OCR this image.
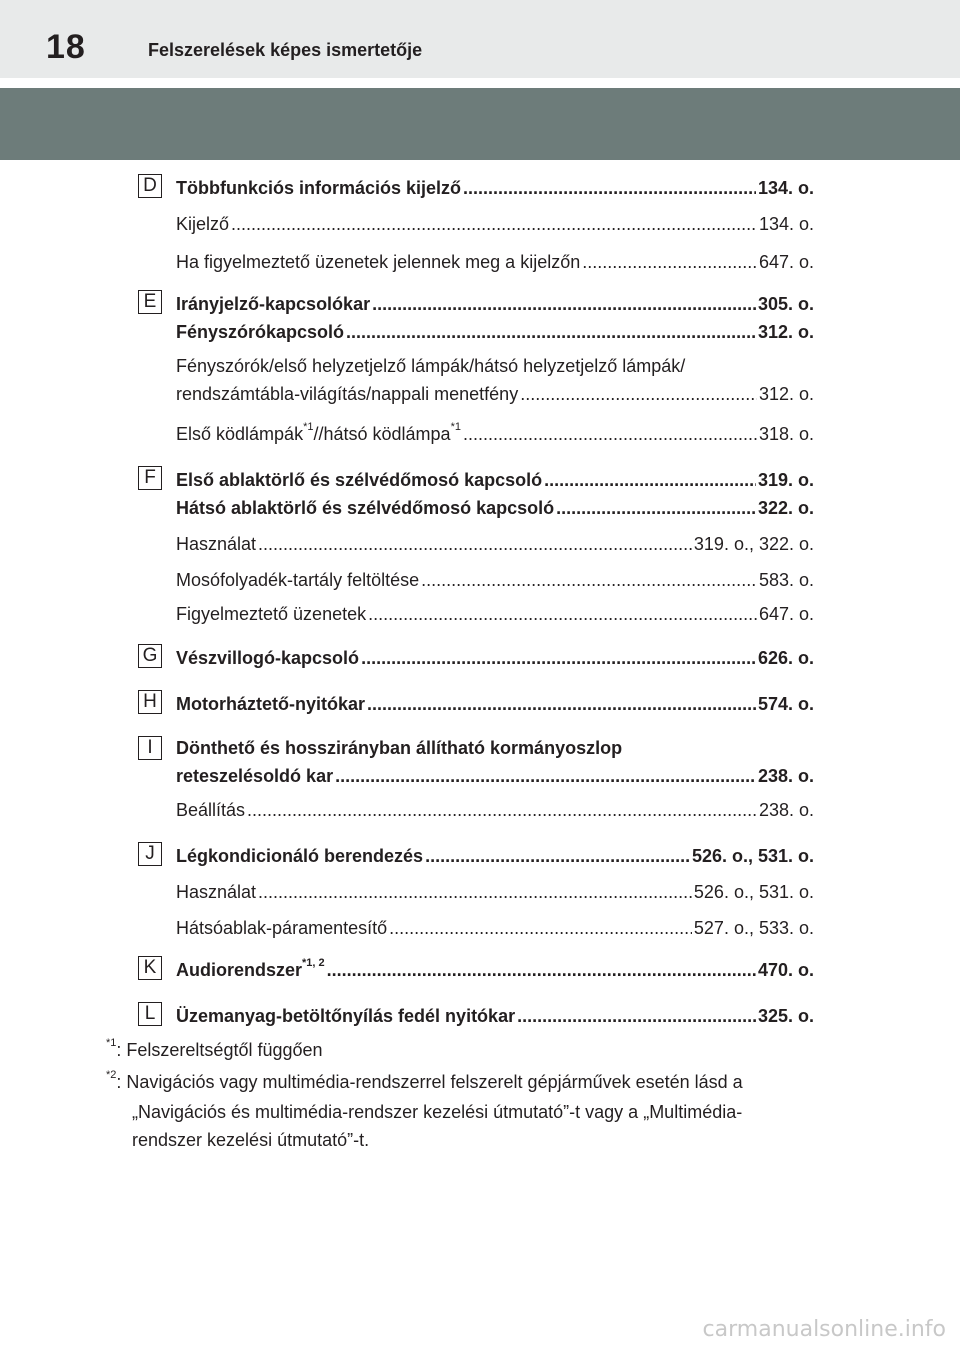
18	Felszerelések képes ismertetője
D Többfunkciós információs kijelző .....	134. o.
Kijelző .....	134. o.
Ha figyelmeztető üzenetek jelennek meg a kijelzőn .....	647. o.
E	Irányjelző-kapcsolókar .....	305. o.
Fényszórókapcsoló .....	312. o.
Fényszórók/első helyzetjelző lámpák/hátsó helyzetjelző lámpák/
rendszámtábla-világítás/nappali menetfény .....	312. o.
Első ködlámpák$^{*1}$//hátsó ködlámpa$^{*1}$ .....	318. o.
F	Első ablaktörlő és szélvédőmosó kapcsoló .....	319. o.
Hátsó ablaktörlő és szélvédőmosó kapcsoló .....	322. o.
Használat .....	319. o., 322. o.
Mosófolyadék-tartály feltöltése .....	583. o.
Figyelmeztető üzenetek .....	647. o.
G Vészvillogó-kapcsoló .....	626. o.
H Motorháztető-nyitókar .....	574. o.
I	Dönthető és hosszirányban állítható kormányoszlop
reteszelésoldó kar .....	238. o.
Beállítás .....	238. o.
J	Légkondicionáló berendezés .....	526. o., 531. o.
Használat .....	526. o., 531. o.
Hátsóablak-páramentesítő .....	527. o., 533. o.
K	Audiorendszer$^{*1, 2}$ .....	470. o.
L	Üzemanyag-betöltőnyílás fedél nyitókar .....	325. o.
$^{*1}$: Felszereltségtől függően
$^{*2}$: Navigációs vagy multimédia-rendszerrel felszerelt gépjárművek esetén lásd a
„Navigációs és multimédia-rendszer kezelési útmutató”-t vagy a „Multimédia-
rendszer kezelési útmutató”-t.
carmanualsonline.info
